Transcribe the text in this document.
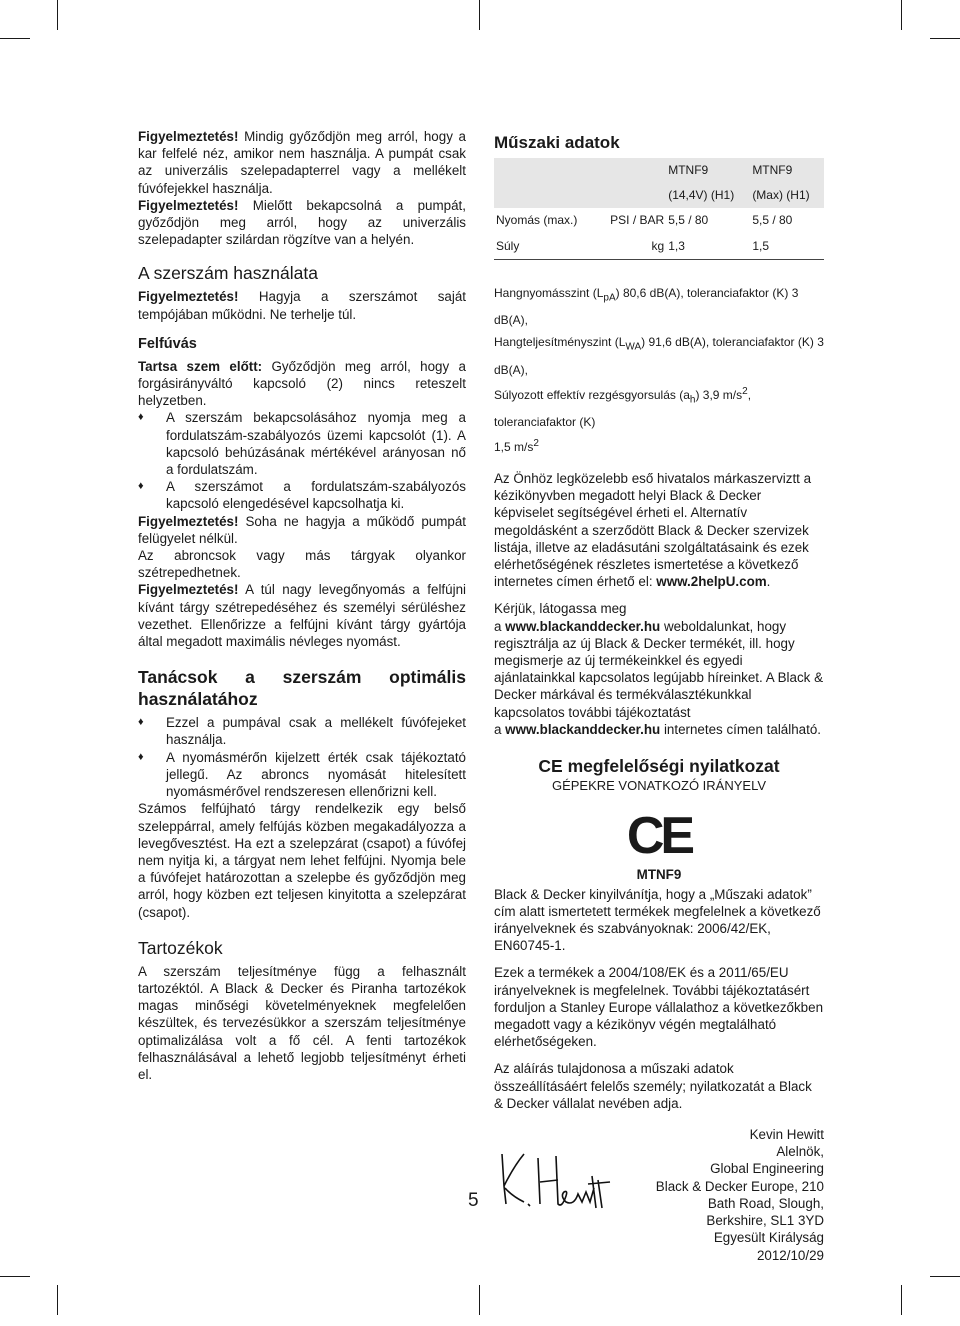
Figyelmeztetés! Mindig győződjön meg arról, hogy a kar felfelé néz, amikor nem használja. A pumpát csak az univerzális szelepadapterrel vagy a mellékelt fúvófejekkel használja.

Figyelmeztetés! Mielőtt bekapcsolná a pumpát, győződjön meg arról, hogy az univerzális szelepadapter szilárdan rögzítve van a helyén.

A szerszám használata

Figyelmeztetés! Hagyja a szerszámot saját tempójában működni. Ne terhelje túl.

Felfúvás

Tartsa szem előtt: Győződjön meg arról, hogy a forgásirányváltó kapcsoló (2) nincs reteszelt helyzetben.

♦ A szerszám bekapcsolásához nyomja meg a fordulatszám-szabályozós üzemi kapcsolót (1). A kapcsoló behúzásának mértékével arányosan nő a fordulatszám.
♦ A szerszámot a fordulatszám-szabályozós kapcsoló elengedésével kapcsolhatja ki.

Figyelmeztetés! Soha ne hagyja a működő pumpát felügyelet nélkül.

Az abroncsok vagy más tárgyak olyankor szétrepedhetnek.

Figyelmeztetés! A túl nagy levegőnyomás a felfújni kívánt tárgy szétrepedéséhez és személyi sérüléshez vezethet. Ellenőrizze a felfújni kívánt tárgy gyártója által megadott maximális névleges nyomást.

Tanácsok a szerszám optimális használatához
♦ Ezzel a pumpával csak a mellékelt fúvófejeket használja.
♦ A nyomásmérőn kijelzett érték csak tájékoztató jellegű. Az abroncs nyomását hitelesített nyomásmérővel rendszeresen ellenőrizni kell.

Számos felfújható tárgy rendelkezik egy belső szeleppárral, amely felfújás közben megakadályozza a levegővesztést. Ha ezt a szelepzárat (csapot) a fúvófej nem nyitja ki, a tárgyat nem lehet felfújni. Nyomja bele a fúvófejet határozottan a szelepbe és győződjön meg arról, hogy közben ezt teljesen kinyitotta a szelepzárat (csapot).

Tartozékok

A szerszám teljesítménye függ a felhasznált tartozéktól. A Black & Decker és Piranha tartozékok magas minőségi követelményeknek megfelelően készültek, és tervezésükkor a szerszám teljesítménye optimalizálása volt a fő cél. A fenti tartozékok felhasználásával a lehető legjobb teljesítményt érheti el.

Műszaki adatok
		MTNF9	MTNF9
		(14,4V) (H1)	(Max) (H1)
Nyomás (max.)	PSI / BAR	5,5 / 80	5,5 / 80
Súly	kg	1,3	1,5
Hangnyomásszint $(L_{pA})$ 80,6 dB(A), toleranciafaktor (K) 3 dB(A),
Hangteljesítményszint $(L_{WA})$ 91,6 dB(A), toleranciafaktor (K) 3 dB(A),
Súlyozott effektív rezgésgyorsulás $(a_h)$ 3,9 $m/s^2$, toleranciafaktor (K)
1,5 $m/s^2$

Az Önhöz legközelebb eső hivatalos márkaszerviztt a kézikönyvben megadott helyi Black & Decker képviselet segítségével érheti el. Alternatív megoldásként a szerződött Black & Decker szervizek listája, illetve az eladásutáni szolgáltatásaink és ezek elérhetőségének részletes ismertetése a következő internetes címen érhető el: www.2helpU.com.

Kérjük, látogassa meg
a www.blackanddecker.hu weboldalunkat, hogy regisztrálja az új Black & Decker termékét, ill. hogy megismerje az új termékeinkkel és egyedi ajánlatainkkal kapcsolatos legújabb híreinket. A Black & Decker márkával és termékválasztékunkkal kapcsolatos további tájékoztatást
a www.blackanddecker.hu internetes címen található.

CE megfelelőségi nyilatkozat
GÉPEKRE VONATKOZÓ IRÁNYELV
CE
MTNF9

Black & Decker kinyilvánítja, hogy a „Műszaki adatok” cím alatt ismertetett termékek megfelelnek a következő irányelveknek és szabványoknak: 2006/42/EK, EN60745-1.

Ezek a termékek a 2004/108/EK és a 2011/65/EU irányelveknek is megfelelnek. További tájékoztatásért forduljon a Stanley Europe vállalathoz a következőkben megadott vagy a kézikönyv végén megtalálható elérhetőségeken.

Az aláírás tulajdonosa a műszaki adatok összeállításáért felelős személy; nyilatkozatát a Black & Decker vállalat nevében adja.

Kevin Hewitt
Alelnök,
Global Engineering
Black & Decker Europe, 210
Bath Road, Slough,
Berkshire, SL1 3YD
Egyesült Királyság
2012/10/29
5
